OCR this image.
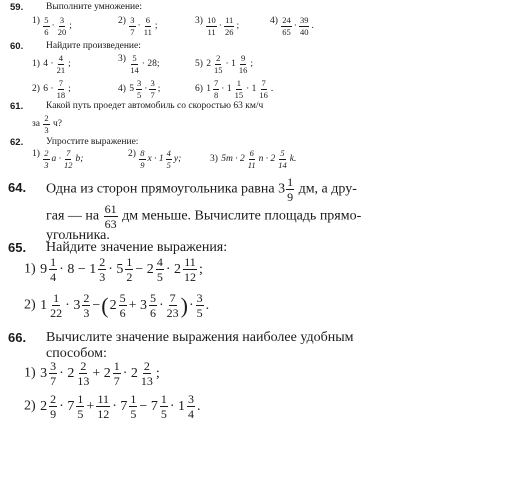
59. Выполните умножение:
$1) \frac{5}{6} \cdot \frac{3}{20}$ ;	$2) \frac{3}{7} \cdot \frac{6}{11}$ ;	$3) \frac{10}{11} \cdot \frac{11}{26}$ ;	$4) \frac{24}{65} \cdot \frac{39}{40}$ .
60. Найдите произведение:
1) $4 \cdot \frac{4}{21}$ ;	$3) \frac{5}{14} \cdot 28$;	5) $2 \frac{2}{15} \cdot 1 \frac{9}{16}$ ;
2) $6 \cdot \frac{7}{18}$ ;	4) $5 \frac{3}{5} \cdot \frac{3}{7}$ ;	6) $1 \frac{7}{8} \cdot 1 \frac{1}{15} \cdot 1 \frac{7}{16}$ .
61. Какой путь проедет автомобиль со скоростью 63 км/ч
за $\frac{2}{3} ч$?
62. Упростите выражение:
$1) \frac{2}{3}$ $a \cdot \frac{7}{12} b$;	$2) \frac{8}{9}$ $x \cdot 1 \frac{4}{5} y$;	3) $5m \cdot 2 \frac{6}{11}$ $n \cdot 2 \frac{5}{14} k$.
64. Одна из сторон прямоугольника равна $3 \frac{1}{9}$ дм, а дру-
гая — на $\frac{61}{63}$ дм меньше. Вычислите площадь прямо-
угольника.
65. Найдите значение выражения:
1) $9 \frac{1}{4} \cdot 8 - 1 \frac{2}{3} \cdot 5 \frac{1}{2} - 2 \frac{4}{5} \cdot 2 \frac{11}{12}$ ;
2) $1 \frac{1}{22} \cdot 3 \frac{2}{3}$ − ( $2 \frac{5}{6} + 3 \frac{5}{6} \cdot \frac{7}{23}$ ) · $\frac{3}{5}$ .
66. Вычислите значение выражения наиболее удобным
способом:
1) $3 \frac{3}{7} \cdot 2 \frac{2}{13} + 2 \frac{1}{7} \cdot 2 \frac{2}{13}$ ;
2) $2 \frac{2}{9} \cdot 7 \frac{1}{5} + \frac{11}{12} \cdot 7 \frac{1}{5} - 7 \frac{1}{5} \cdot 1 \frac{3}{4}$ .
